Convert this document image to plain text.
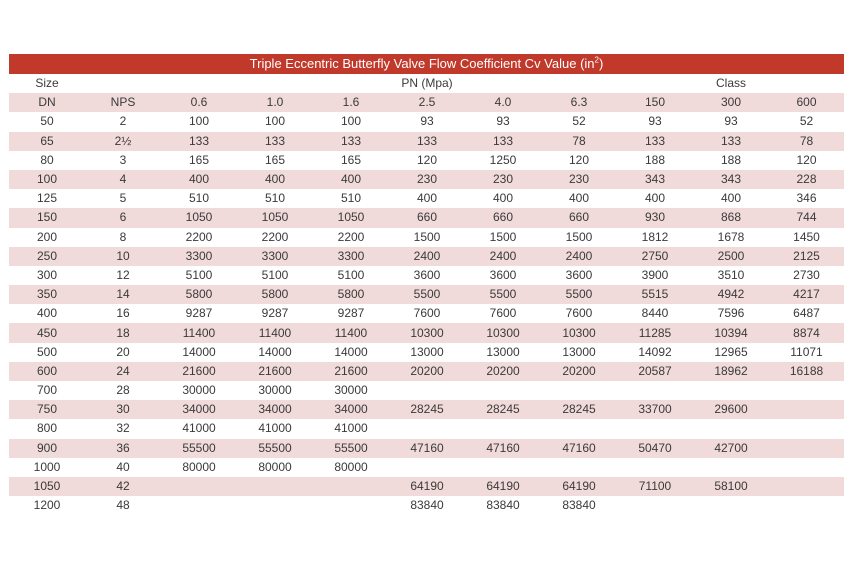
Triple Eccentric Butterfly Valve Flow Coefficient Cv Value $(in^2)$
Size					PN (Mpa)				Class	
DN	NPS	0.6	1.0	1.6	2.5	4.0	6.3	150	300	600
50	2	100	100	100	93	93	52	93	93	52
65	2½	133	133	133	133	133	78	133	133	78
80	3	165	165	165	120	1250	120	188	188	120
100	4	400	400	400	230	230	230	343	343	228
125	5	510	510	510	400	400	400	400	400	346
150	6	1050	1050	1050	660	660	660	930	868	744
200	8	2200	2200	2200	1500	1500	1500	1812	1678	1450
250	10	3300	3300	3300	2400	2400	2400	2750	2500	2125
300	12	5100	5100	5100	3600	3600	3600	3900	3510	2730
350	14	5800	5800	5800	5500	5500	5500	5515	4942	4217
400	16	9287	9287	9287	7600	7600	7600	8440	7596	6487
450	18	11400	11400	11400	10300	10300	10300	11285	10394	8874
500	20	14000	14000	14000	13000	13000	13000	14092	12965	11071
600	24	21600	21600	21600	20200	20200	20200	20587	18962	16188
700	28	30000	30000	30000						
750	30	34000	34000	34000	28245	28245	28245	33700	29600	
800	32	41000	41000	41000						
900	36	55500	55500	55500	47160	47160	47160	50470	42700	
1000	40	80000	80000	80000						
1050	42				64190	64190	64190	71100	58100	
1200	48				83840	83840	83840			
